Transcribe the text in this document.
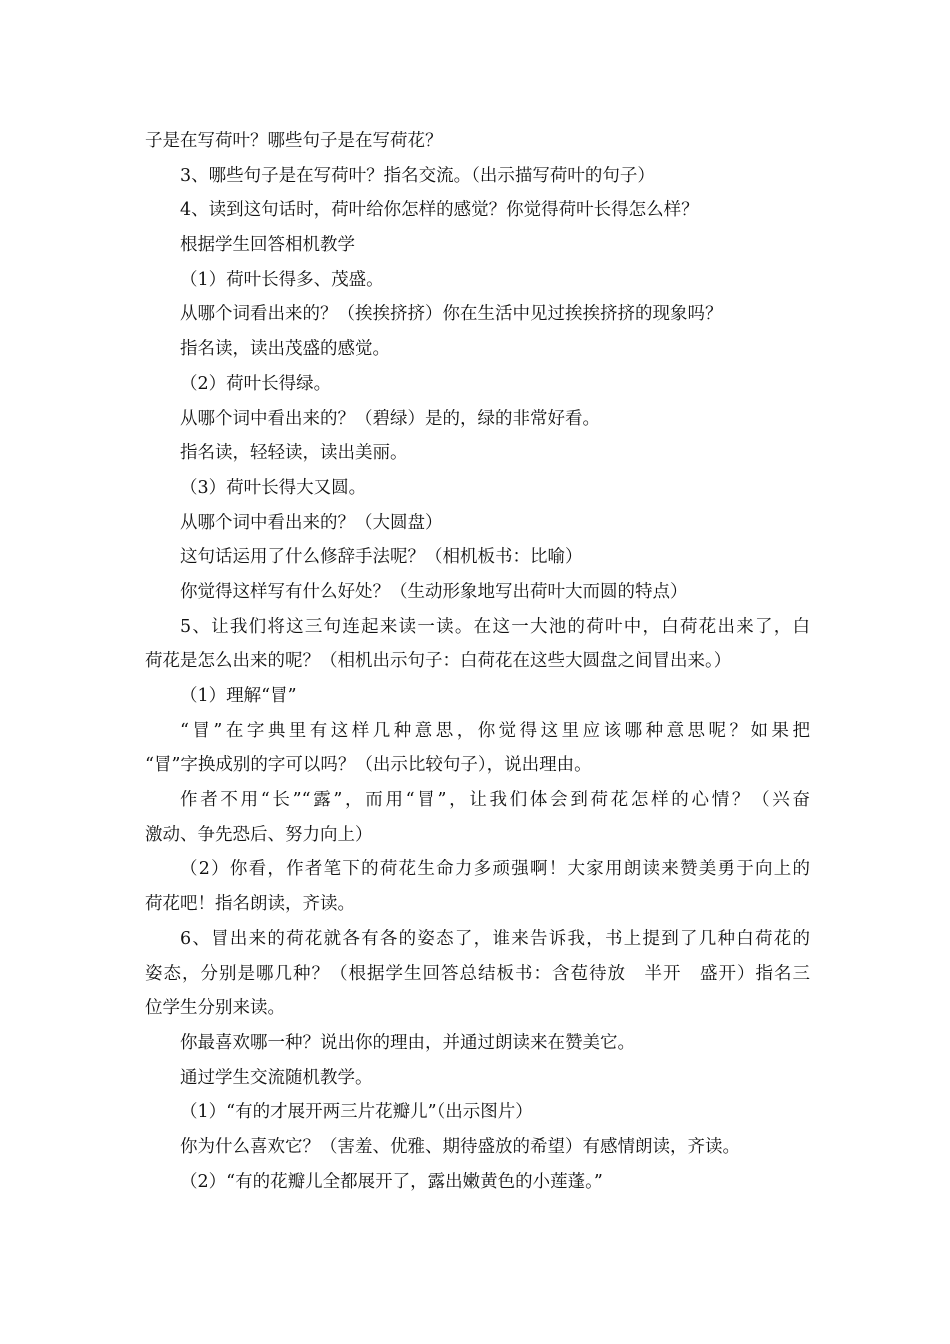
子是在写荷叶？哪些句子是在写荷花？
3、哪些句子是在写荷叶？指名交流。（出示描写荷叶的句子）
4、读到这句话时，荷叶给你怎样的感觉？你觉得荷叶长得怎么样？
根据学生回答相机教学
（1）荷叶长得多、茂盛。
从哪个词看出来的？（挨挨挤挤）你在生活中见过挨挨挤挤的现象吗？
指名读，读出茂盛的感觉。
（2）荷叶长得绿。
从哪个词中看出来的？（碧绿）是的，绿的非常好看。
指名读，轻轻读，读出美丽。
（3）荷叶长得大又圆。
从哪个词中看出来的？（大圆盘）
这句话运用了什么修辞手法呢？（相机板书：比喻）
你觉得这样写有什么好处？（生动形象地写出荷叶大而圆的特点）
5、让我们将这三句连起来读一读。在这一大池的荷叶中，白荷花出来了，白
荷花是怎么出来的呢？（相机出示句子：白荷花在这些大圆盘之间冒出来。）
（1）理解“冒”
“冒”在字典里有这样几种意思，你觉得这里应该哪种意思呢？如果把
“冒”字换成别的字可以吗？（出示比较句子），说出理由。
作者不用“长”“露”，而用“冒”，让我们体会到荷花怎样的心情？（兴奋
激动、争先恐后、努力向上）
（2）你看，作者笔下的荷花生命力多顽强啊！大家用朗读来赞美勇于向上的
荷花吧！指名朗读，齐读。
6、冒出来的荷花就各有各的姿态了，谁来告诉我，书上提到了几种白荷花的
姿态，分别是哪几种？（根据学生回答总结板书：含苞待放　半开　盛开）指名三
位学生分别来读。
你最喜欢哪一种？说出你的理由，并通过朗读来在赞美它。
通过学生交流随机教学。
（1）“有的才展开两三片花瓣儿”（出示图片）
你为什么喜欢它？（害羞、优雅、期待盛放的希望）有感情朗读，齐读。
（2）“有的花瓣儿全都展开了，露出嫩黄色的小莲蓬。”
